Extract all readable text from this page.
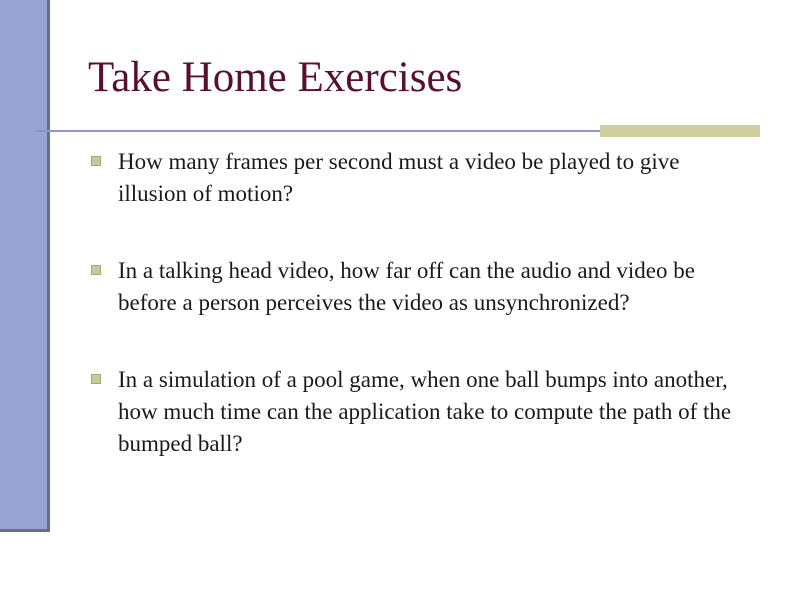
Take Home Exercises
How many frames per second must a video be played to give illusion of motion?
In a talking head video, how far off can the audio and video be before a person perceives the video as unsynchronized?
In a simulation of a pool game, when one ball bumps into another, how much time can the application take to compute the path of the bumped ball?
